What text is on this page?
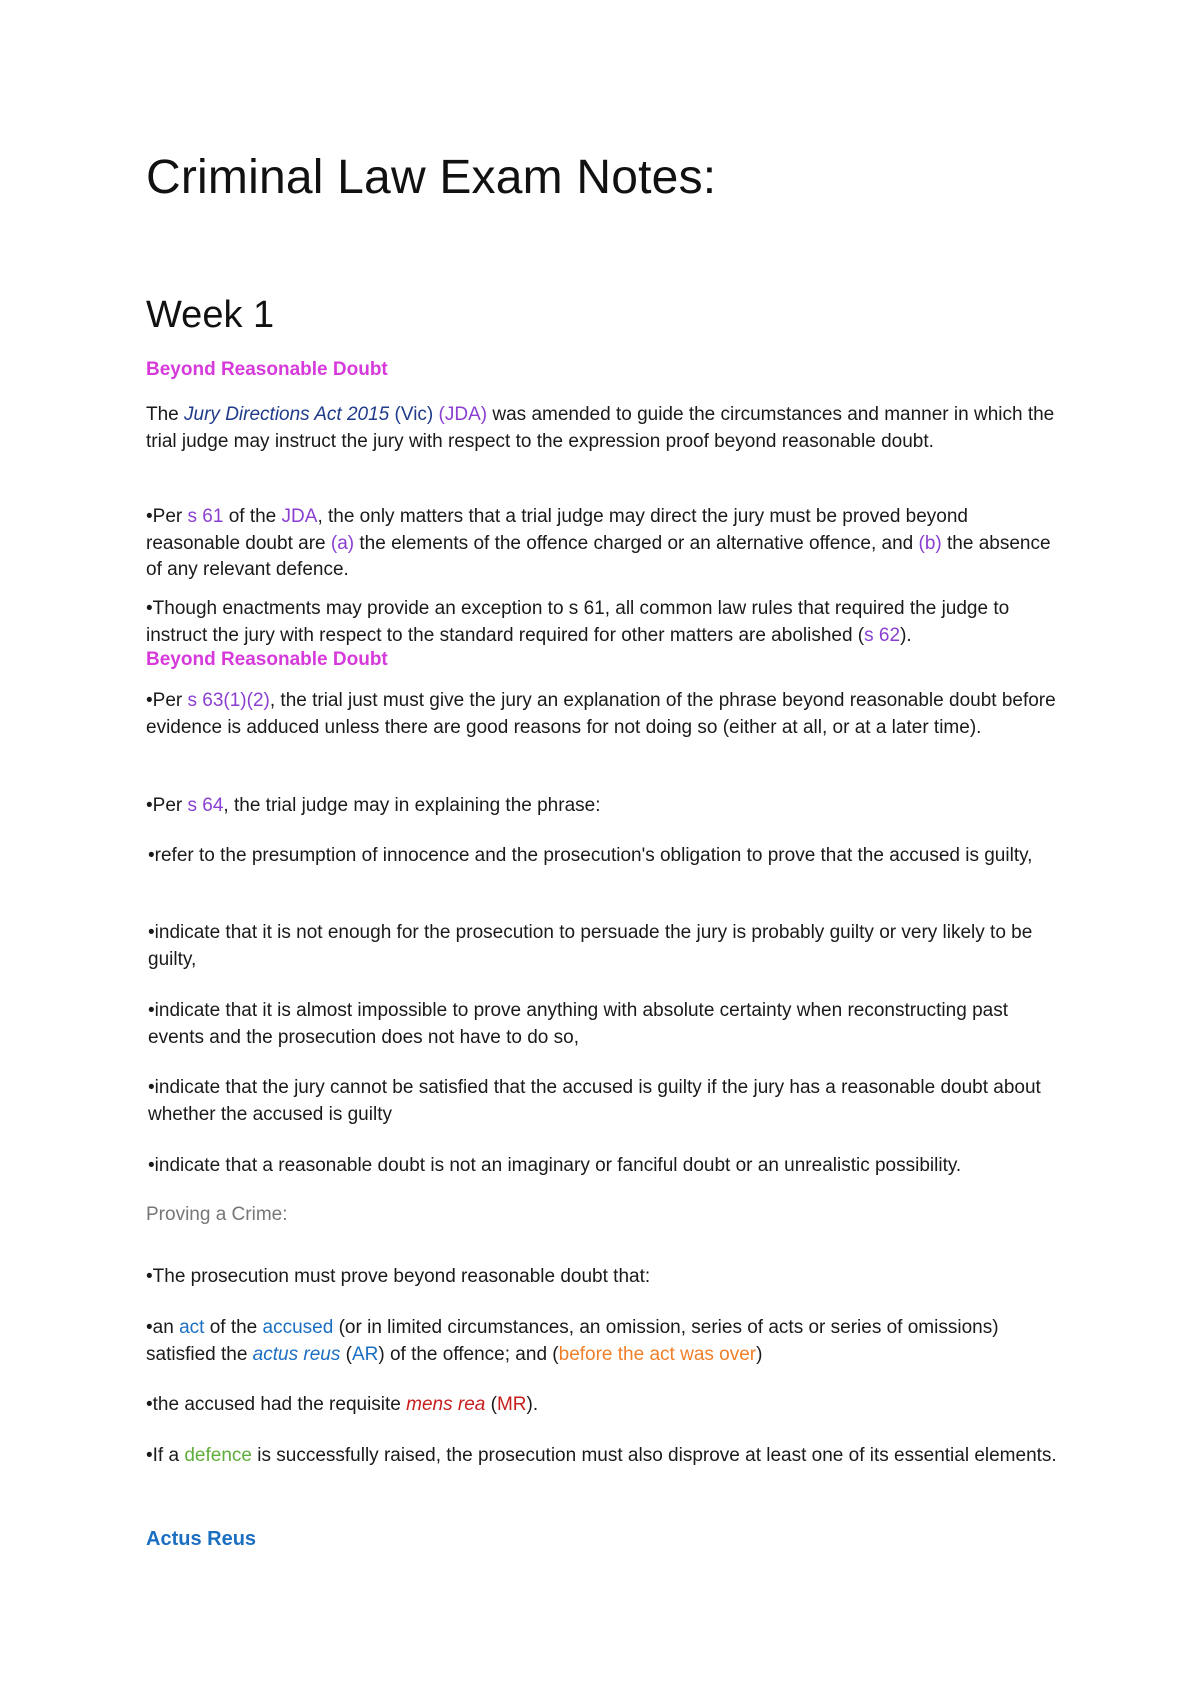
Criminal Law Exam Notes:
Week 1
Beyond Reasonable Doubt

The Jury Directions Act 2015 (Vic) (JDA) was amended to guide the circumstances and manner in which the trial judge may instruct the jury with respect to the expression proof beyond reasonable doubt.

•Per s 61 of the JDA, the only matters that a trial judge may direct the jury must be proved beyond reasonable doubt are (a) the elements of the offence charged or an alternative offence, and (b) the absence of any relevant defence.

•Though enactments may provide an exception to s 61, all common law rules that required the judge to instruct the jury with respect to the standard required for other matters are abolished (s 62).

Beyond Reasonable Doubt

•Per s 63(1)(2), the trial just must give the jury an explanation of the phrase beyond reasonable doubt before evidence is adduced unless there are good reasons for not doing so (either at all, or at a later time).

•Per s 64, the trial judge may in explaining the phrase:

•refer to the presumption of innocence and the prosecution's obligation to prove that the accused is guilty,

•indicate that it is not enough for the prosecution to persuade the jury is probably guilty or very likely to be guilty,

•indicate that it is almost impossible to prove anything with absolute certainty when reconstructing past events and the prosecution does not have to do so,

•indicate that the jury cannot be satisfied that the accused is guilty if the jury has a reasonable doubt about whether the accused is guilty

•indicate that a reasonable doubt is not an imaginary or fanciful doubt or an unrealistic possibility.

Proving a Crime:

•The prosecution must prove beyond reasonable doubt that:

•an act of the accused (or in limited circumstances, an omission, series of acts or series of omissions) satisfied the actus reus (AR) of the offence; and (before the act was over)

•the accused had the requisite mens rea (MR).

•If a defence is successfully raised, the prosecution must also disprove at least one of its essential elements.

Actus Reus
